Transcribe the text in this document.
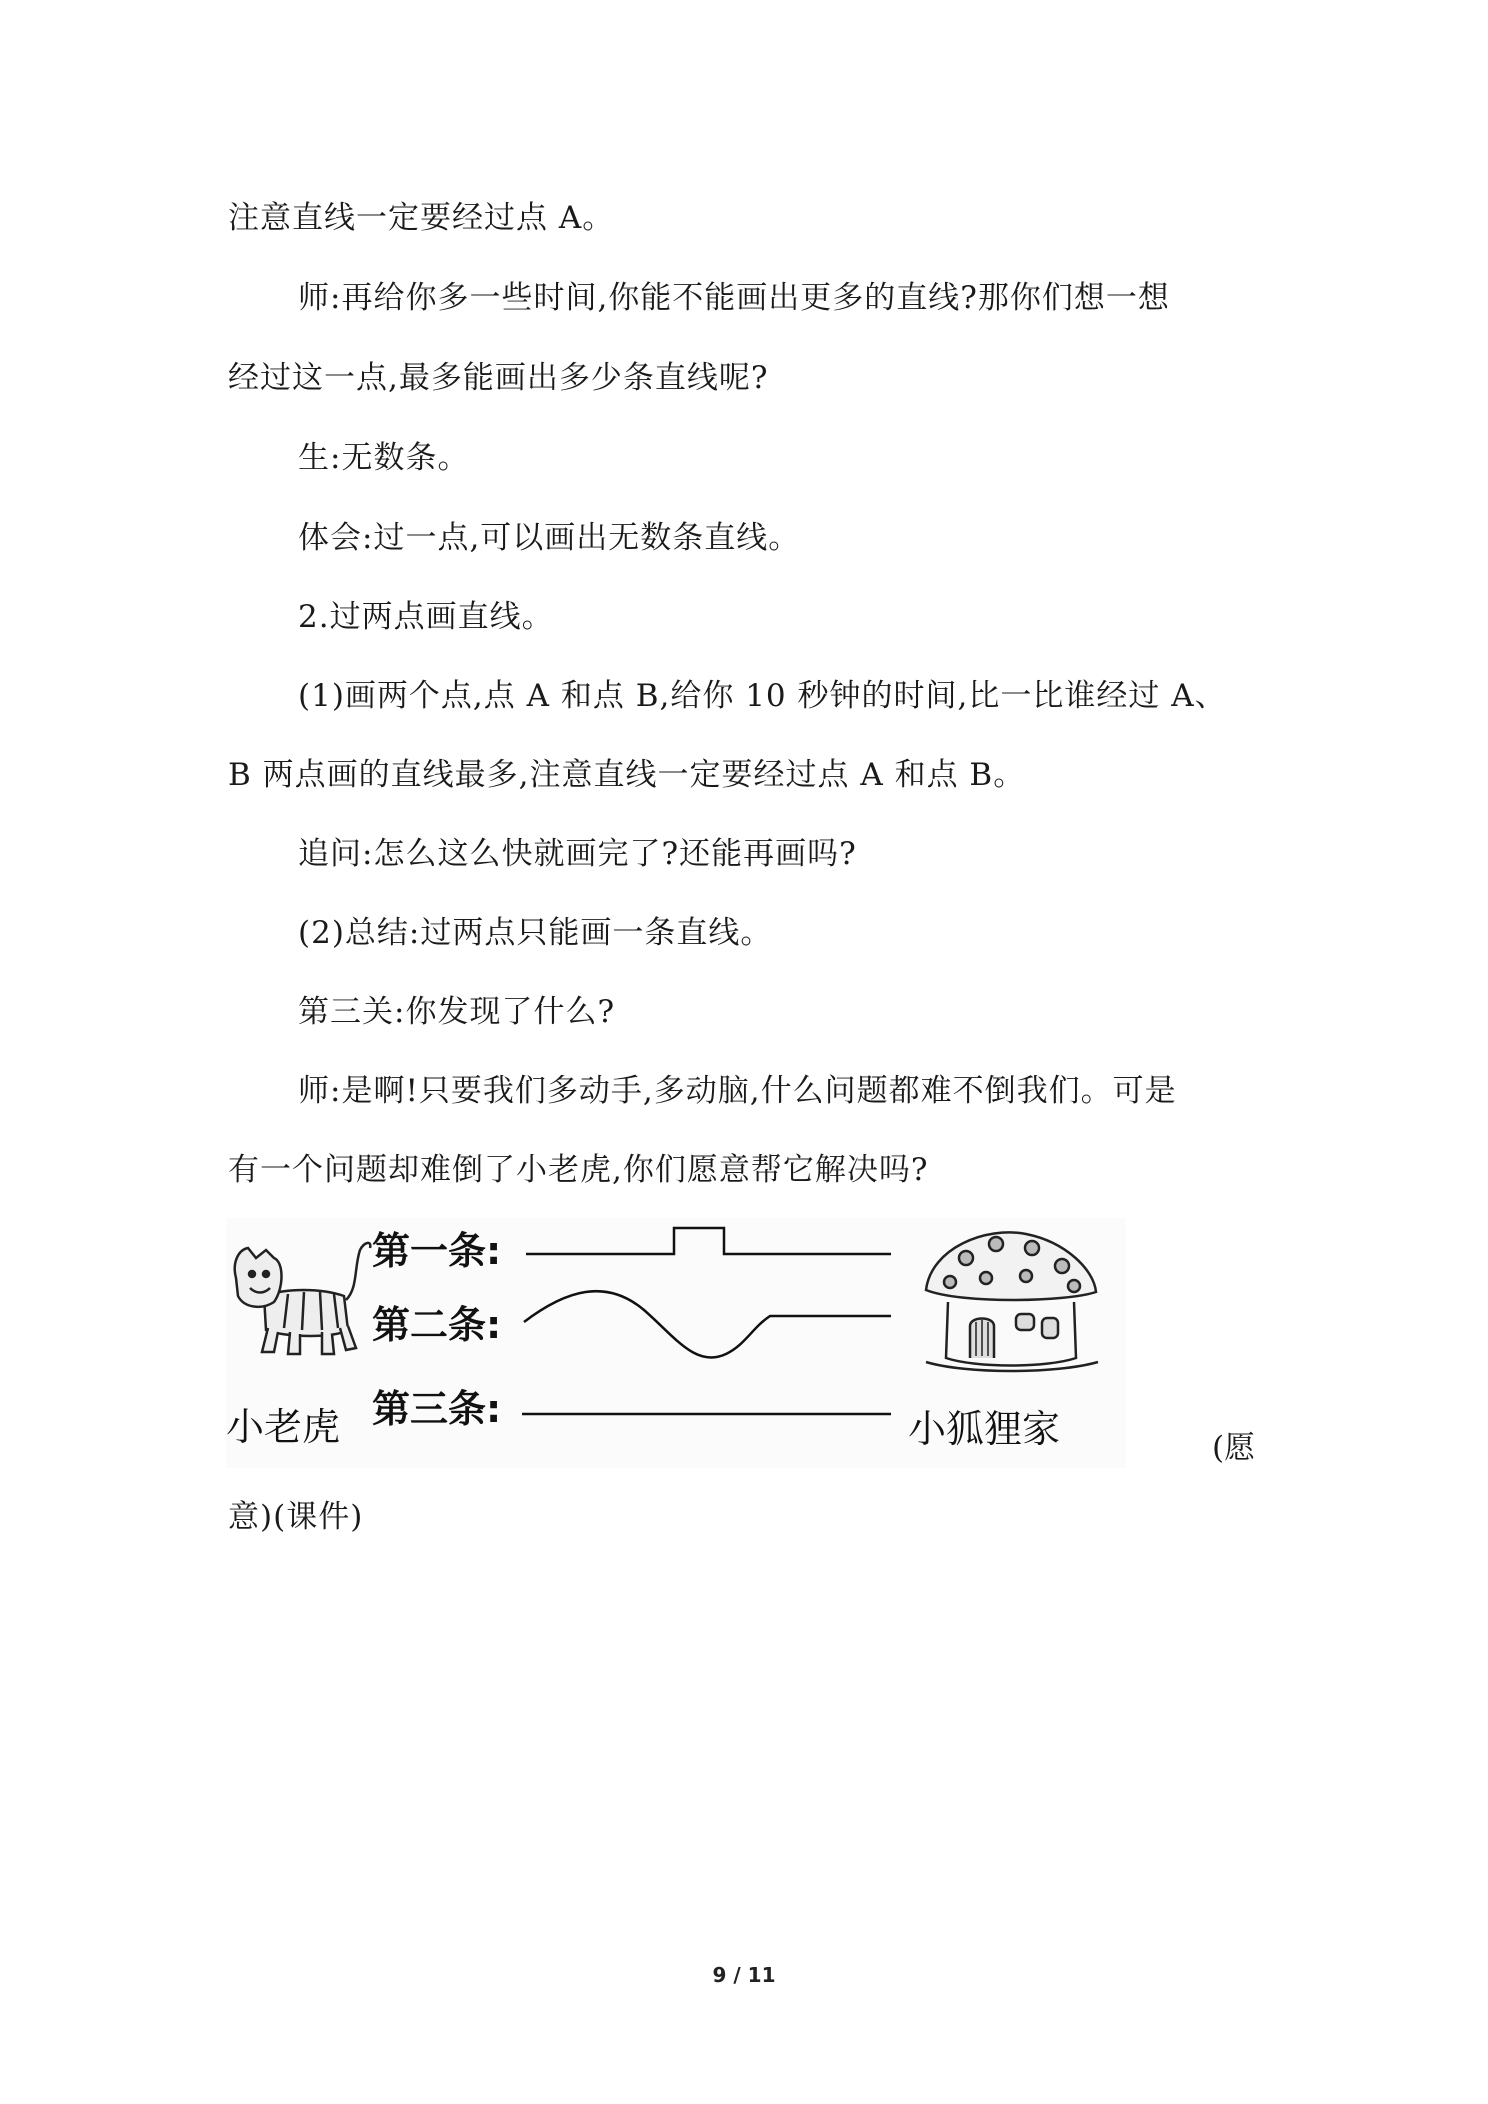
注意直线一定要经过点 A。
师:再给你多一些时间,你能不能画出更多的直线?那你们想一想
经过这一点,最多能画出多少条直线呢?
生:无数条。
体会:过一点,可以画出无数条直线。
2.过两点画直线。
(1)画两个点,点 A 和点 B,给你 10 秒钟的时间,比一比谁经过 A、
B 两点画的直线最多,注意直线一定要经过点 A 和点 B。
追问:怎么这么快就画完了?还能再画吗?
(2)总结:过两点只能画一条直线。
第三关:你发现了什么?
师:是啊!只要我们多动手,多动脑,什么问题都难不倒我们。可是
有一个问题却难倒了小老虎,你们愿意帮它解决吗?
小老虎
第一条:
第二条:
第三条:	小狐狸家	(愿
意)(课件)
9 / 11
